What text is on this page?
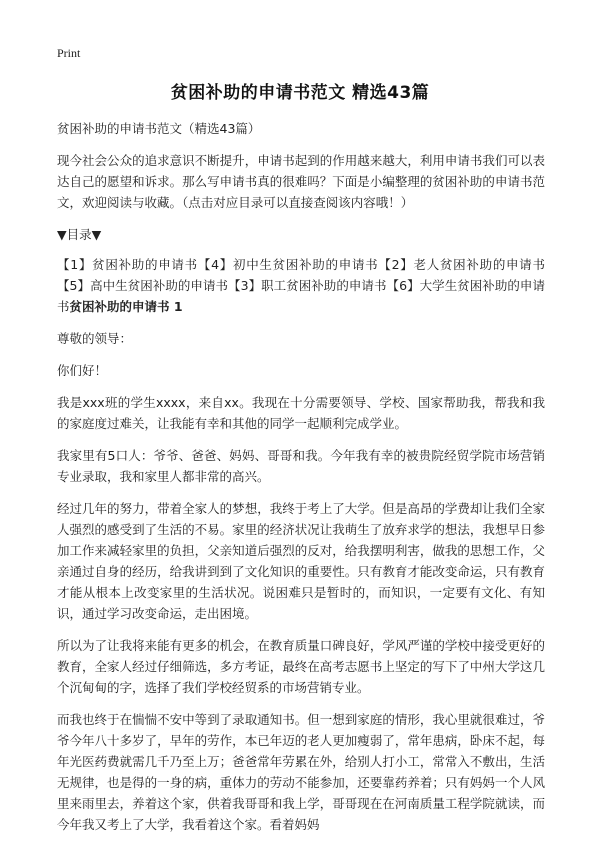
Print
贫困补助的申请书范文 精选43篇

贫困补助的申请书范文（精选43篇）

现今社会公众的追求意识不断提升，申请书起到的作用越来越大，利用申请书我们可以表达自己的愿望和诉求。那么写申请书真的很难吗？下面是小编整理的贫困补助的申请书范文，欢迎阅读与收藏。（点击对应目录可以直接查阅该内容哦！）

▼目录▼

【1】贫困补助的申请书【4】初中生贫困补助的申请书【2】老人贫困补助的申请书【5】高中生贫困补助的申请书【3】职工贫困补助的申请书【6】大学生贫困补助的申请书贫困补助的申请书 1

尊敬的领导：

你们好！

我是xxx班的学生xxxx，来自xx。我现在十分需要领导、学校、国家帮助我，帮我和我的家庭度过难关，让我能有幸和其他的同学一起顺利完成学业。

我家里有5口人：爷爷、爸爸、妈妈、哥哥和我。今年我有幸的被贵院经贸学院市场营销专业录取，我和家里人都非常的高兴。

经过几年的努力，带着全家人的梦想，我终于考上了大学。但是高昂的学费却让我们全家人强烈的感受到了生活的不易。家里的经济状况让我萌生了放弃求学的想法，我想早日参加工作来减轻家里的负担，父亲知道后强烈的反对，给我摆明利害，做我的思想工作，父亲通过自身的经历，给我讲到到了文化知识的重要性。只有教育才能改变命运，只有教育才能从根本上改变家里的生活状况。说困难只是暂时的，而知识，一定要有文化、有知识，通过学习改变命运，走出困境。

所以为了让我将来能有更多的机会，在教育质量口碑良好，学风严谨的学校中接受更好的教育，全家人经过仔细筛选，多方考证，最终在高考志愿书上坚定的写下了中州大学这几个沉甸甸的字，选择了我们学校经贸系的市场营销专业。

而我也终于在惴惴不安中等到了录取通知书。但一想到家庭的情形，我心里就很难过，爷爷今年八十多岁了，早年的劳作，本已年迈的老人更加瘦弱了，常年患病，卧床不起，每年光医药费就需几千乃至上万；爸爸常年劳累在外，给别人打小工，常常入不敷出，生活无规律，也是得的一身的病，重体力的劳动不能参加，还要靠药养着；只有妈妈一个人风里来雨里去，养着这个家，供着我哥哥和我上学，哥哥现在在河南质量工程学院就读，而今年我又考上了大学，我看着这个家。看着妈妈
